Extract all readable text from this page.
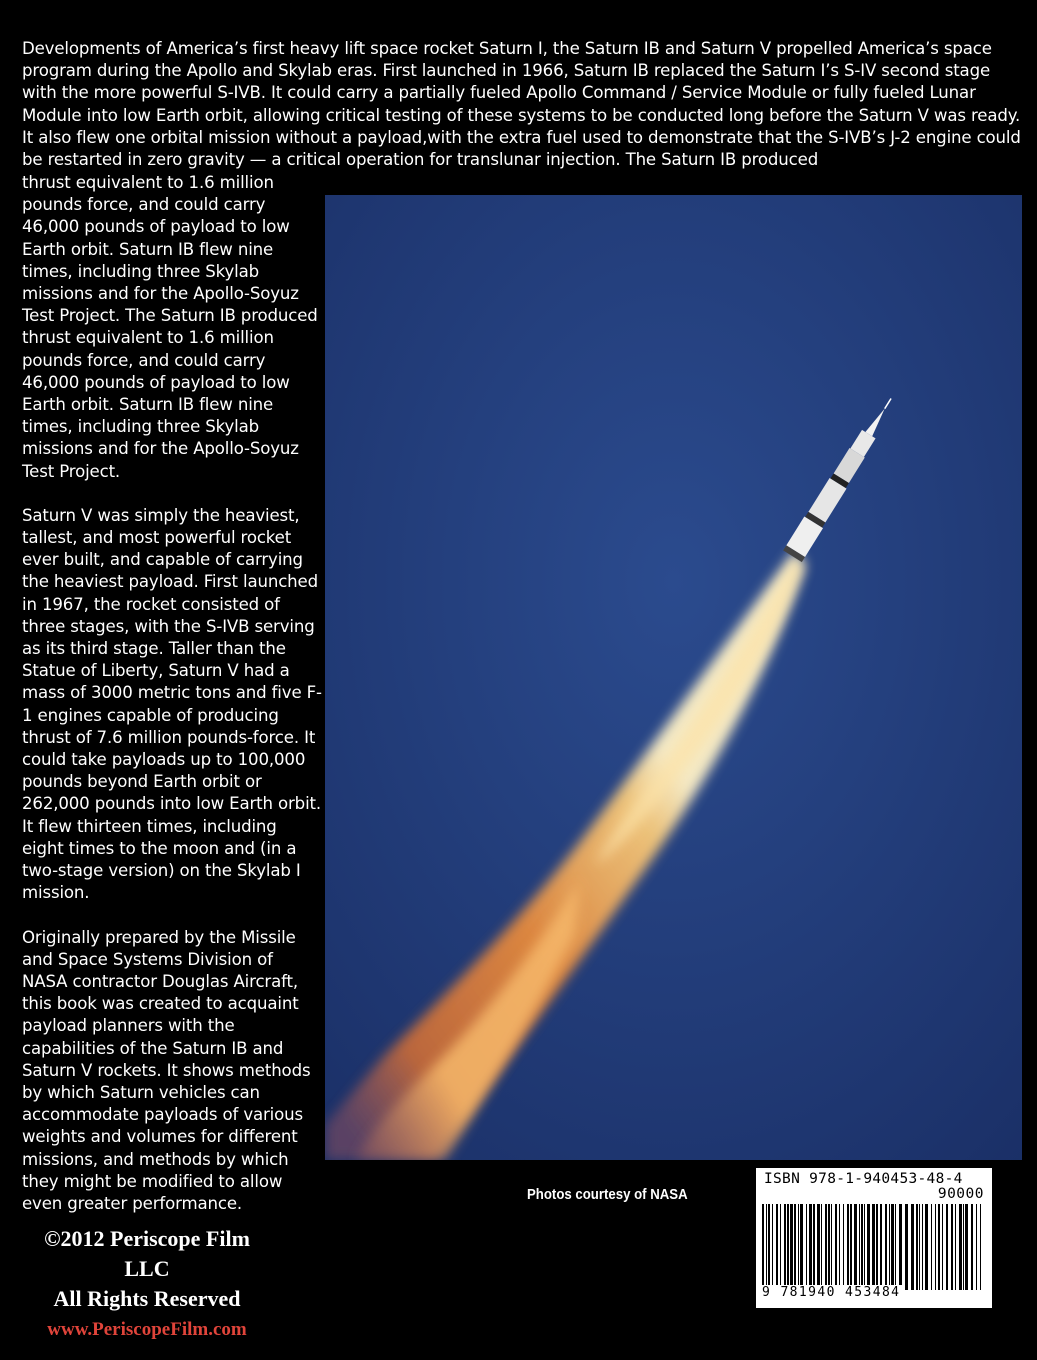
Developments of America’s first heavy lift space rocket Saturn I, the Saturn IB and Saturn V propelled America’s space program during the Apollo and Skylab eras. First launched in 1966, Saturn IB replaced the Saturn I’s S-IV second stage with the more powerful S-IVB. It could carry a partially fueled Apollo Command / Service Module or fully fueled Lunar Module into low Earth orbit, allowing critical testing of these systems to be conducted long before the Saturn V was ready. It also flew one orbital mission without a payload,with the extra fuel used to demonstrate that the S-IVB’s J-2 engine could be restarted in zero gravity — a critical operation for translunar injection. The Saturn IB produced

thrust equivalent to 1.6 million pounds force, and could carry 46,000 pounds of payload to low Earth orbit. Saturn IB flew nine times, including three Skylab missions and for the Apollo-Soyuz Test Project. The Saturn IB produced thrust equivalent to 1.6 million pounds force, and could carry 46,000 pounds of payload to low Earth orbit. Saturn IB flew nine times, including three Skylab missions and for the Apollo-Soyuz Test Project.

Saturn V was simply the heaviest, tallest, and most powerful rocket ever built, and capable of carrying the heaviest payload. First launched in 1967, the rocket consisted of three stages, with the S-IVB serving as its third stage. Taller than the Statue of Liberty, Saturn V had a mass of 3000 metric tons and five F-1 engines capable of producing thrust of 7.6 million pounds-force. It could take payloads up to 100,000 pounds beyond Earth orbit or 262,000 pounds into low Earth orbit. It flew thirteen times, including eight times to the moon and (in a two-stage version) on the Skylab I mission.

Originally prepared by the Missile and Space Systems Division of NASA contractor Douglas Aircraft, this book was created to acquaint payload planners with the capabilities of the Saturn IB and Saturn V rockets. It shows methods by which Saturn vehicles can accommodate payloads of various weights and volumes for different missions, and methods by which they might be modified to allow even greater performance.	Photos courtesy of NASA
©2012 Periscope Film LLC
All Rights Reserved
www.PeriscopeFilm.com
ISBN 978-1-940453-48-4
90000
9 781940 453484
